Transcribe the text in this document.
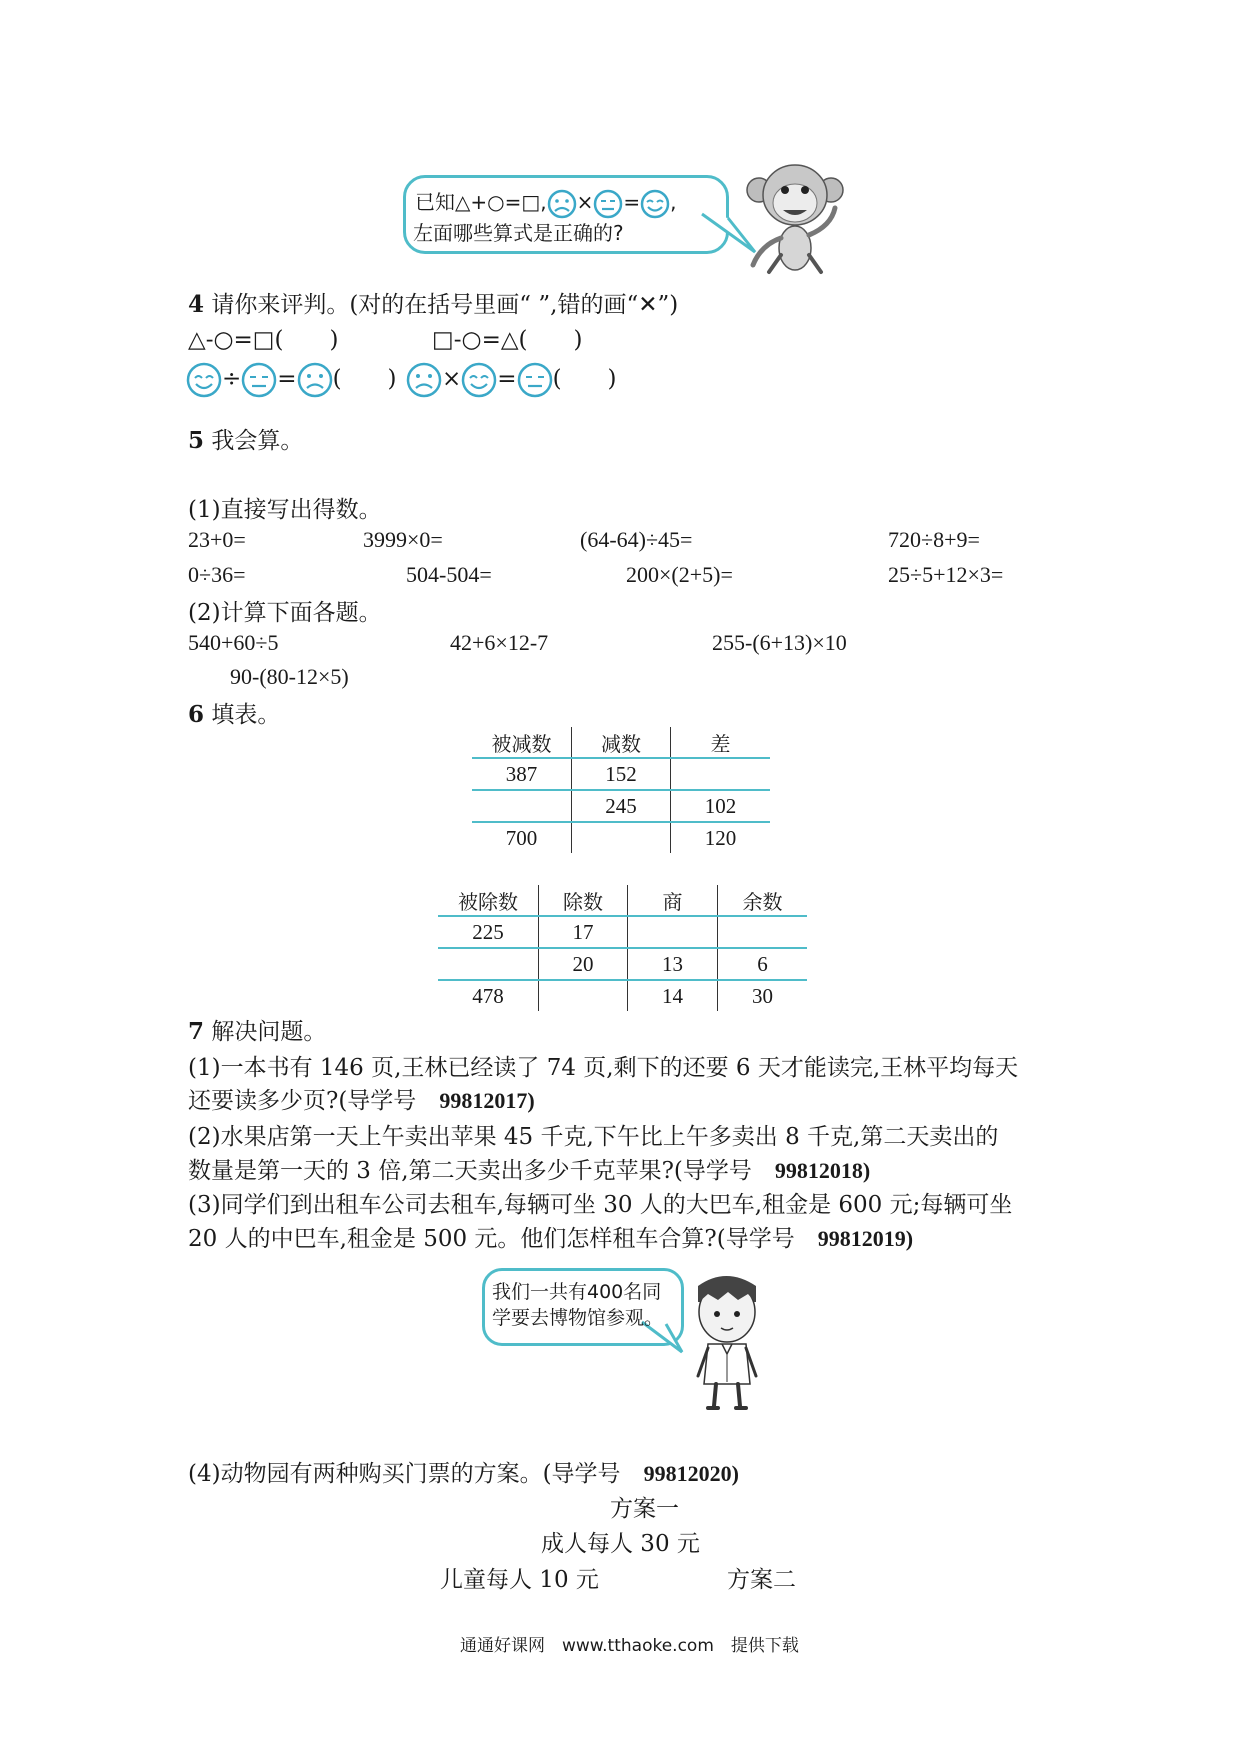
已知△+○=□, × = ,
左面哪些算式是正确的?
4 请你来评判。(对的在括号里画“ ”,错的画“✕”)
△-○=□(　　)	□-○=△(　　)
÷ = (　　)	× = (　　)
5 我会算。
(1)直接写出得数。
23+0=	3999×0=	(64-64)÷45=	720÷8+9=
0÷36=	504-504=	200×(2+5)=	25÷5+12×3=
(2)计算下面各题。
540+60÷5	42+6×12-7	255-(6+13)×10
90-(80-12×5)
6 填表。
被减数	减数	差
387	152	
	245	102
700		120
被除数	除数	商	余数
225	17		
	20	13	6
478		14	30
7 解决问题。
(1)一本书有 146 页,王林已经读了 74 页,剩下的还要 6 天才能读完,王林平均每天
还要读多少页?(导学号　 99812017)
(2)水果店第一天上午卖出苹果 45 千克,下午比上午多卖出 8 千克,第二天卖出的
数量是第一天的 3 倍,第二天卖出多少千克苹果?(导学号　 99812018)
(3)同学们到出租车公司去租车,每辆可坐 30 人的大巴车,租金是 600 元;每辆可坐
20 人的中巴车,租金是 500 元。他们怎样租车合算?(导学号　 99812019)
我们一共有400名同
学要去博物馆参观。
(4)动物园有两种购买门票的方案。(导学号　 99812020)
方案一
成人每人 30 元
儿童每人 10 元	方案二
通通好课网　www.tthaoke.com　提供下载
